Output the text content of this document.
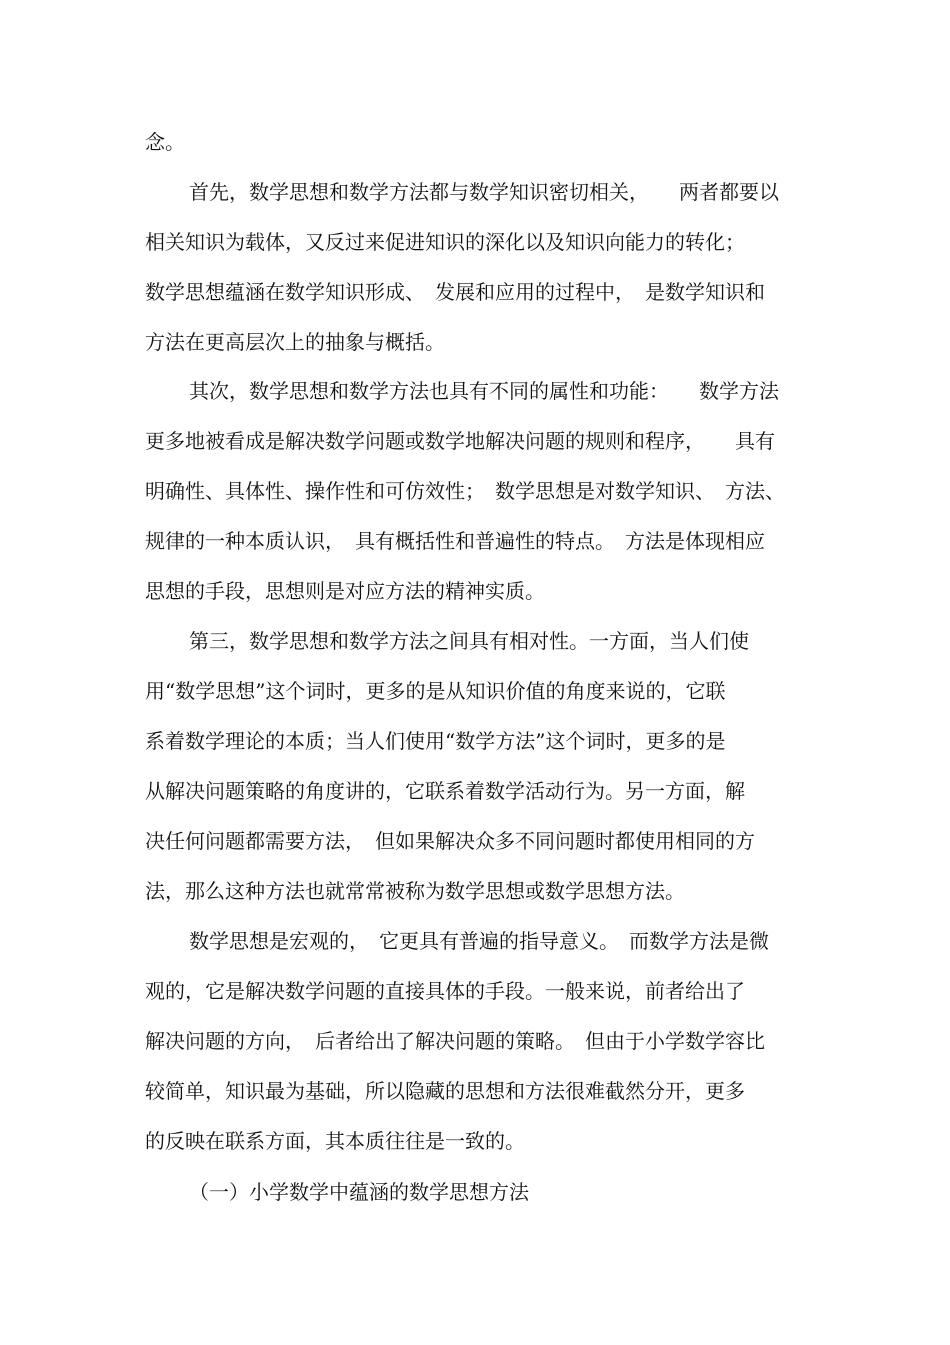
念。

首先，数学思想和数学方法都与数学知识密切相关，　　两者都要以

相关知识为载体，又反过来促进知识的深化以及知识向能力的转化；

数学思想蕴涵在数学知识形成、　发展和应用的过程中，　是数学知识和

方法在更高层次上的抽象与概括。

其次，数学思想和数学方法也具有不同的属性和功能：　　数学方法

更多地被看成是解决数学问题或数学地解决问题的规则和程序，　　具有

明确性、具体性、操作性和可仿效性；　数学思想是对数学知识、　方法、

规律的一种本质认识，　具有概括性和普遍性的特点。　方法是体现相应

思想的手段，思想则是对应方法的精神实质。

第三，数学思想和数学方法之间具有相对性。一方面，当人们使

用“数学思想”这个词时，更多的是从知识价值的角度来说的，它联

系着数学理论的本质；当人们使用“数学方法”这个词时，更多的是

从解决问题策略的角度讲的，它联系着数学活动行为。另一方面，解

决任何问题都需要方法，　但如果解决众多不同问题时都使用相同的方

法，那么这种方法也就常常被称为数学思想或数学思想方法。

数学思想是宏观的，　它更具有普遍的指导意义。　而数学方法是微

观的，它是解决数学问题的直接具体的手段。一般来说，前者给出了

解决问题的方向，　后者给出了解决问题的策略。　但由于小学数学容比

较简单，知识最为基础，所以隐藏的思想和方法很难截然分开，更多

的反映在联系方面，其本质往往是一致的。

（一）小学数学中蕴涵的数学思想方法
